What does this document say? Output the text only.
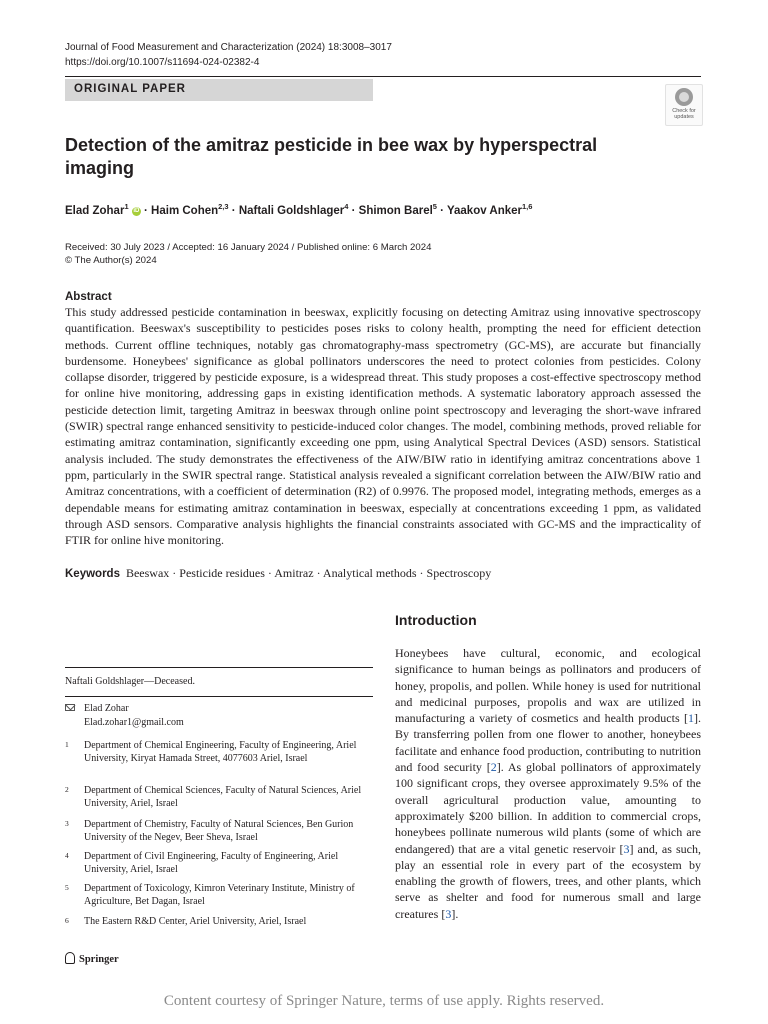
Journal of Food Measurement and Characterization (2024) 18:3008–3017
https://doi.org/10.1007/s11694-024-02382-4
ORIGINAL PAPER
Check for updates
Detection of the amitraz pesticide in bee wax by hyperspectral imaging
Elad Zohar$^1$ iD · Haim Cohen$^{2,3}$ · Naftali Goldshlager$^4$ · Shimon Barel$^5$ · Yaakov Anker$^{1,6}$
Received: 30 July 2023 / Accepted: 16 January 2024 / Published online: 6 March 2024
© The Author(s) 2024
Abstract
This study addressed pesticide contamination in beeswax, explicitly focusing on detecting Amitraz using innovative spectroscopy quantification. Beeswax's susceptibility to pesticides poses risks to colony health, prompting the need for efficient detection methods. Current offline techniques, notably gas chromatography-mass spectrometry (GC-MS), are accurate but financially burdensome. Honeybees' significance as global pollinators underscores the need to protect colonies from pesticides. Colony collapse disorder, triggered by pesticide exposure, is a widespread threat. This study proposes a cost-effective spectroscopy method for online hive monitoring, addressing gaps in existing identification methods. A systematic laboratory approach assessed the pesticide detection limit, targeting Amitraz in beeswax through online point spectroscopy and leveraging the short-wave infrared (SWIR) spectral range enhanced sensitivity to pesticide-induced color changes. The model, combining methods, proved reliable for estimating amitraz contamination, significantly exceeding one ppm, using Analytical Spectral Devices (ASD) sensors. Statistical analysis included. The study demonstrates the effectiveness of the AIW/BIW ratio in identifying amitraz concentrations above 1 ppm, particularly in the SWIR spectral range. Statistical analysis revealed a significant correlation between the AIW/BIW ratio and Amitraz concentrations, with a coefficient of determination (R2) of 0.9976. The proposed model, integrating methods, emerges as a dependable means for estimating amitraz contamination in beeswax, especially at concentrations exceeding 1 ppm, as validated through ASD sensors. Comparative analysis highlights the financial constraints associated with GC-MS and the impracticality of FTIR for online hive monitoring.
Keywords Beeswax · Pesticide residues · Amitraz · Analytical methods · Spectroscopy
Introduction
Honeybees have cultural, economic, and ecological significance to human beings as pollinators and producers of honey, propolis, and pollen. While honey is used for nutritional and medicinal purposes, propolis and wax are utilized in manufacturing a variety of cosmetics and health products [1]. By transferring pollen from one flower to another, honeybees facilitate and enhance food production, contributing to nutrition and food security [2]. As global pollinators of approximately 100 significant crops, they oversee approximately 9.5% of the overall agricultural production value, amounting to approximately $200 billion. In addition to commercial crops, honeybees pollinate numerous wild plants (some of which are endangered) that are a vital genetic reservoir [3] and, as such, play an essential role in every part of the ecosystem by enabling the growth of flowers, trees, and other plants, which serve as shelter and food for numerous small and large creatures [3].
Naftali Goldshlager—Deceased.
Elad Zohar
Elad.zohar1@gmail.com
1 Department of Chemical Engineering, Faculty of Engineering, Ariel University, Kiryat Hamada Street, 4077603 Ariel, Israel
2 Department of Chemical Sciences, Faculty of Natural Sciences, Ariel University, Ariel, Israel
3 Department of Chemistry, Faculty of Natural Sciences, Ben Gurion University of the Negev, Beer Sheva, Israel
4 Department of Civil Engineering, Faculty of Engineering, Ariel University, Ariel, Israel
5 Department of Toxicology, Kimron Veterinary Institute, Ministry of Agriculture, Bet Dagan, Israel
6 The Eastern R&D Center, Ariel University, Ariel, Israel
Springer
Content courtesy of Springer Nature, terms of use apply. Rights reserved.
